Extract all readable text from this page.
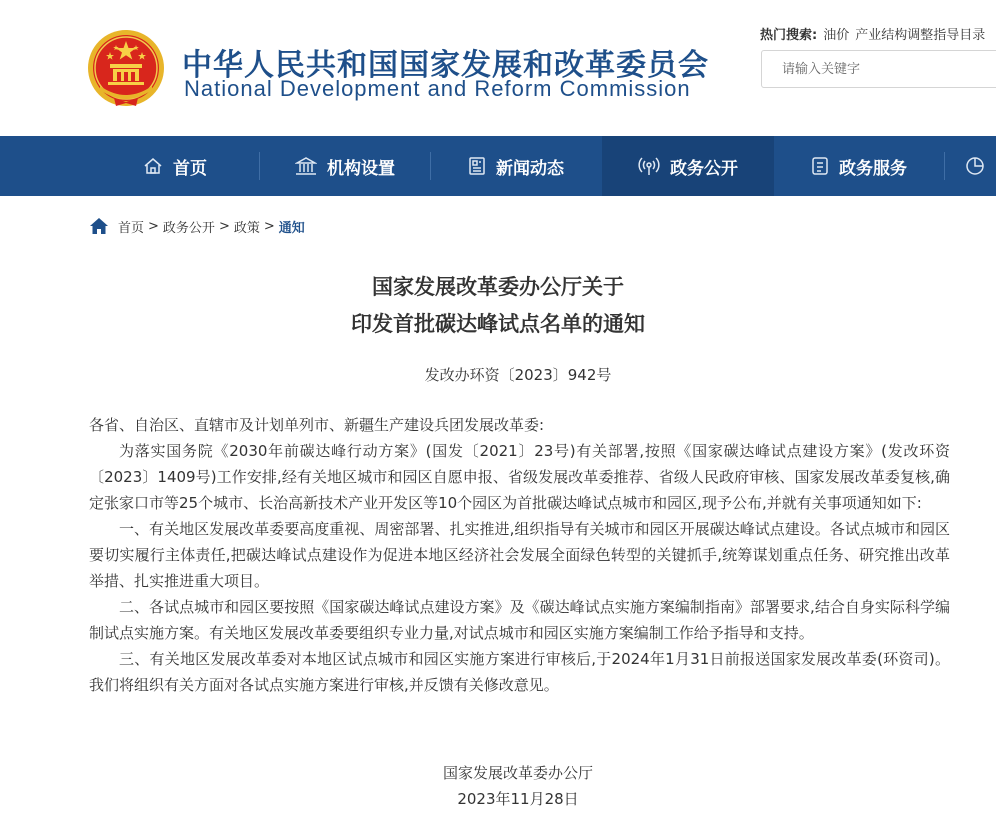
中华人民共和国国家发展和改革委员会
National Development and Reform Commission
热门搜索: 油价 产业结构调整指导目录
请输入关键字
首页	机构设置	新闻动态	政务公开	政务服务
首页 > 政务公开 > 政策 > 通知
国家发展改革委办公厅关于
印发首批碳达峰试点名单的通知
发改办环资〔2023〕942号

各省、自治区、直辖市及计划单列市、新疆生产建设兵团发展改革委:

为落实国务院《2030年前碳达峰行动方案》(国发〔2021〕23号)有关部署,按照《国家碳达峰试点建设方案》(发改环资〔2023〕1409号)工作安排,经有关地区城市和园区自愿申报、省级发展改革委推荐、省级人民政府审核、国家发展改革委复核,确定张家口市等25个城市、长治高新技术产业开发区等10个园区为首批碳达峰试点城市和园区,现予公布,并就有关事项通知如下:

一、有关地区发展改革委要高度重视、周密部署、扎实推进,组织指导有关城市和园区开展碳达峰试点建设。各试点城市和园区要切实履行主体责任,把碳达峰试点建设作为促进本地区经济社会发展全面绿色转型的关键抓手,统筹谋划重点任务、研究推出改革举措、扎实推进重大项目。

二、各试点城市和园区要按照《国家碳达峰试点建设方案》及《碳达峰试点实施方案编制指南》部署要求,结合自身实际科学编制试点实施方案。有关地区发展改革委要组织专业力量,对试点城市和园区实施方案编制工作给予指导和支持。

三、有关地区发展改革委对本地区试点城市和园区实施方案进行审核后,于2024年1月31日前报送国家发展改革委(环资司)。我们将组织有关方面对各试点实施方案进行审核,并反馈有关修改意见。

国家发展改革委办公厅
2023年11月28日
